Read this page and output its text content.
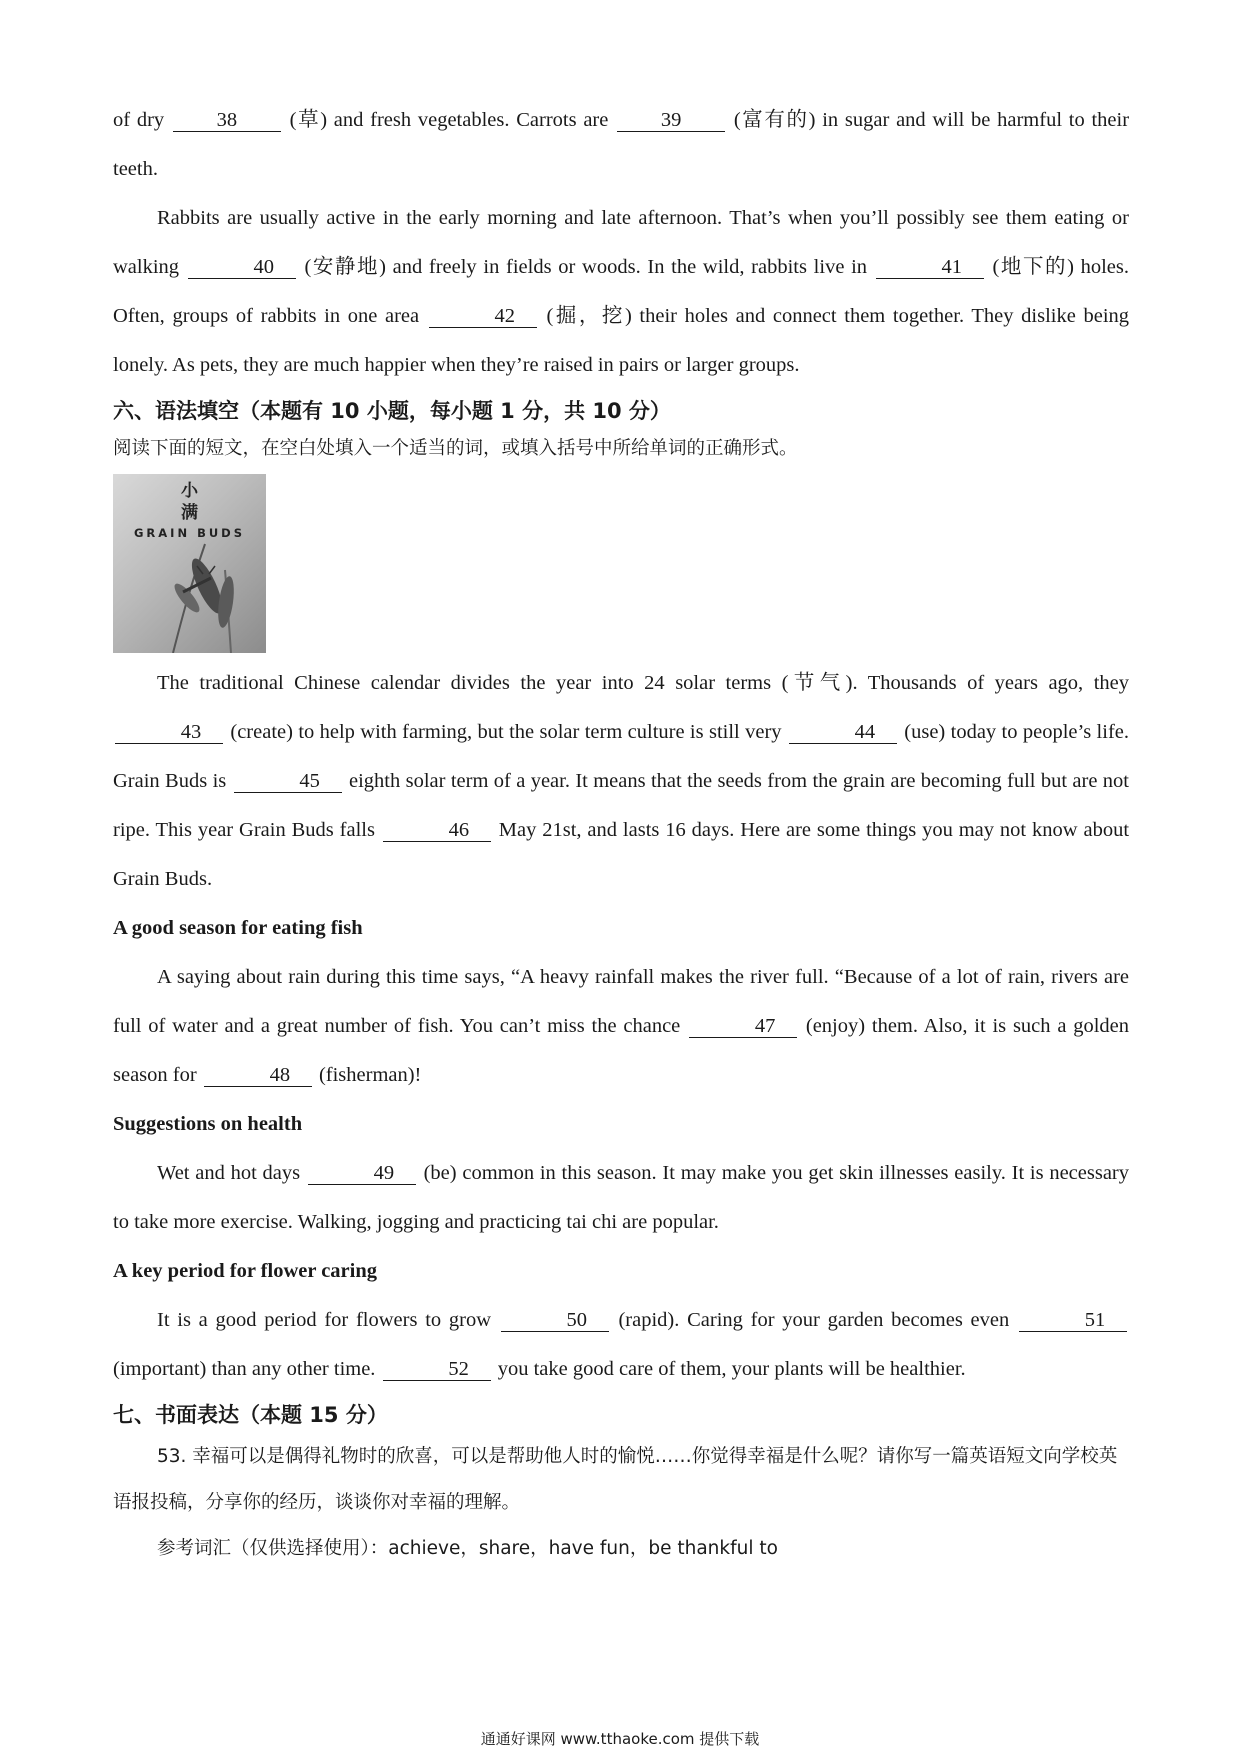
of dry	38	(草) and fresh vegetables. Carrots are	39	(富有的) in sugar and will be harmful to their teeth.

Rabbits are usually active in the early morning and late afternoon. That’s when you’ll possibly see them eating or walking	40 (安静地) and freely in fields or woods. In the wild, rabbits live in	41 (地下的) holes. Often, groups of rabbits in one area	42 (掘，挖) their holes and connect them together. They dislike being lonely. As pets, they are much happier when they’re raised in pairs or larger groups.

六、语法填空（本题有 10 小题，每小题 1 分，共 10 分）
阅读下面的短文，在空白处填入一个适当的词，或填入括号中所给单词的正确形式。
小
满
GRAIN BUDS

The traditional Chinese calendar divides the year into 24 solar terms (节气). Thousands of years ago, they 43 (create) to help with farming, but the solar term culture is still very	44 (use) today to people’s life. Grain Buds is	45 eighth solar term of a year. It means that the seeds from the grain are becoming full but are not ripe. This year Grain Buds falls	46 May 21st, and lasts 16 days. Here are some things you may not know about Grain Buds.

A good season for eating fish

A saying about rain during this time says, “A heavy rainfall makes the river full. “Because of a lot of rain, rivers are full of water and a great number of fish. You can’t miss the chance	47 (enjoy) them. Also, it is such a golden season for	48 (fisherman)!

Suggestions on health

Wet and hot days	49 (be) common in this season. It may make you get skin illnesses easily. It is necessary to take more exercise. Walking, jogging and practicing tai chi are popular.

A key period for flower caring

It is a good period for flowers to grow	50 (rapid). Caring for your garden becomes even	51 (important) than any other time.	52 you take good care of them, your plants will be healthier.

七、书面表达（本题 15 分）

53. 幸福可以是偶得礼物时的欣喜，可以是帮助他人时的愉悦……你觉得幸福是什么呢？请你写一篇英语短文向学校英语报投稿，分享你的经历，谈谈你对幸福的理解。

参考词汇（仅供选择使用）：achieve，share，have fun，be thankful to

通通好课网 www.tthaoke.com 提供下载
